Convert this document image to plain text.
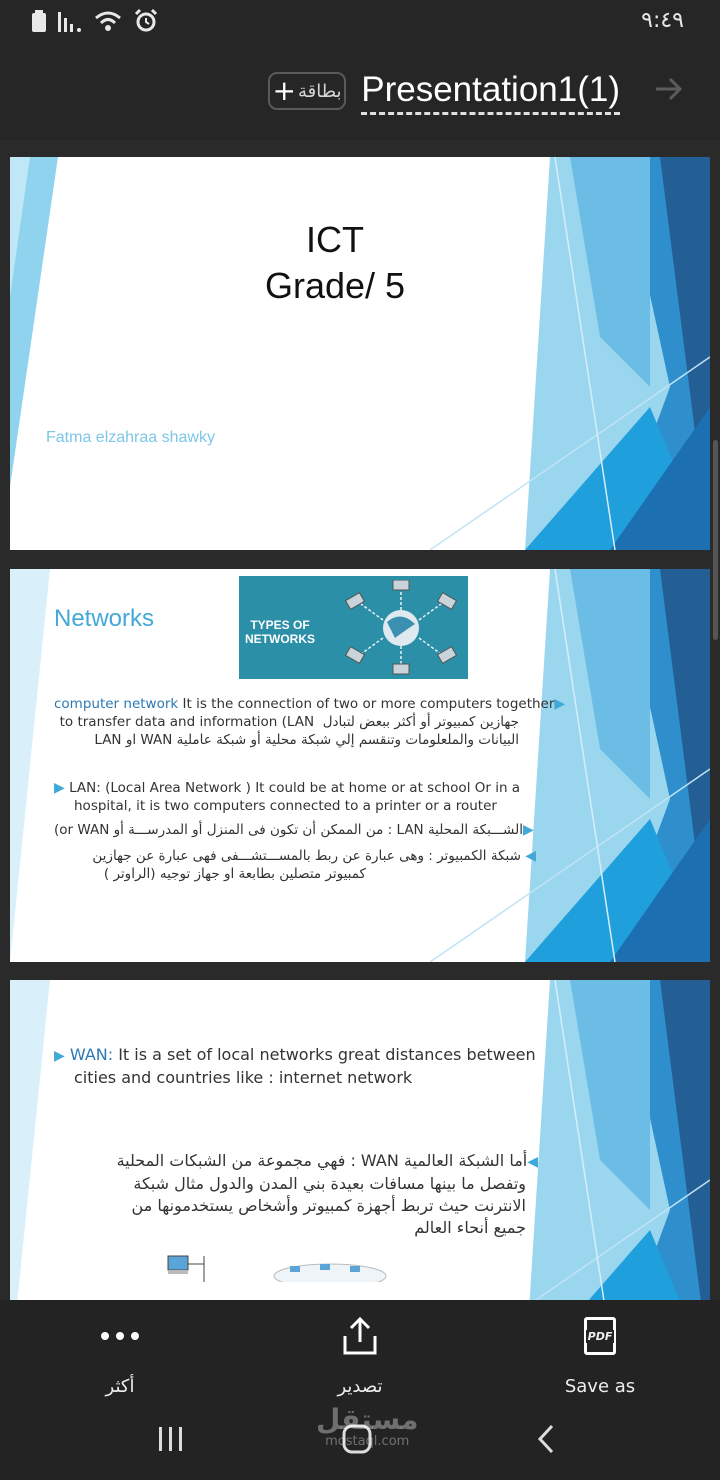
٩:٤٩
+ بطاقة Presentation1(1)
ICT
Grade/ 5
Fatma elzahraa shawky
Networks	TYPES OF
NETWORKS
computer network It is the connection of two or more computers together▶
جهازين كمبيوتر أو أكثر ببعض لتبادل  to transfer data and information (LAN
البيانات والملعلومات وتنقسم إلي شبكة محلية أو شبكة عاملية WAN او LAN
▶ LAN: (Local Area Network ) It could be at home or at school Or in a
hospital, it is two computers connected to a printer or a router
(or WAN الشـــبكة المحلية LAN : من الممكن أن تكون فى المنزل أو المدرســـة أو▶
◀ شبكة الكمبيوتر : وهى عبارة عن ربط بالمســـتشـــفى فهى عبارة عن جهازين
كمبيوتر متصلين بطابعة او جهاز توجيه (الراوتر )
▶ WAN: It is a set of local networks great distances between
cities and countries like : internet network
◀أما الشبكة العالمية WAN : فهي مجموعة من الشبكات المحلية
وتفصل ما بينها مسافات بعيدة بني المدن والدول مثال شبكة
الانترنت حيث تربط أجهزة كمبيوتر وأشخاص يستخدمونها من
جميع أنحاء العالم
أكثر	تصدير
PDF
Save as
مستقل
mostaql.com
